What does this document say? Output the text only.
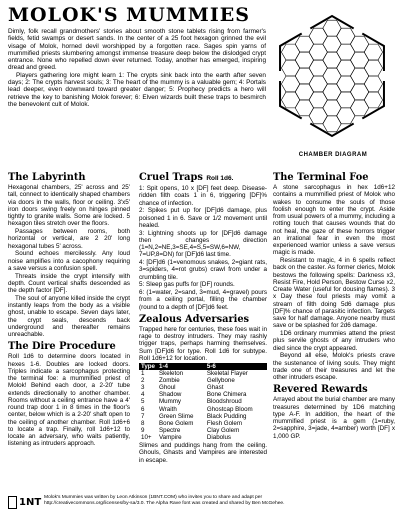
MOLOK'S MUMMIES

Dimly, folk recall grandmothers' stories about smooth stone tablets rising from farmer's fields, fetid swamps or desert sands. In the center of a 25 foot hexagon grinned the evil visage of Molok, horned devil worshipped by a forgotten race. Sages spin yarns of mummified priests slumbering amongst immense treasure deep below the dislodged crypt entrance. None who repelled down ever returned. Today, another has emerged, inspiring dread and greed.

Players gathering lore might learn 1: The crypts sink back into the earth after seven days; 2: The crypts harvest souls; 3: The heart of the mummy is a valuable gem; 4: Portals lead deeper, even downward toward greater danger; 5: Prophecy predicts a hero will retrieve the key to banishing Molok forever; 6: Elven wizards built these traps to besmirch the benevolent cult of Molok.

CHAMBER DIAGRAM
The Labyrinth

Hexagonal chambers, 25' across and 25' tall, connect to identically shaped chambers via doors in the walls, floor or ceiling. 3'x5' iron doors swing freely on hinges pinned tightly to granite walls. Some are locked. 5 hexagon tiles stretch over the floors.

Passages between rooms, both horizontal or vertical, are 2 20' long hexagonal tubes 5' across.

Sound echoes mercilessly. Any loud noise amplifies into a cacophony requiring a save versus a confusion spell.

Threats inside the crypt intensify with depth. Count vertical shafts descended as the depth factor [DF].

The soul of anyone killed inside the crypt instantly leaps from the body as a visible ghost, unable to escape. Seven days later, the crypt seals, descends back underground and thereafter remains unreachable.

The Dire Procedure

Roll 1d6 to determine doors located in hexes 1-6. Doubles are locked doors. Triples indicate a sarcophagus protecting the terminal foe: a mummified priest of Molok! Behind each door, a 2-20' tube extends directionally to another chamber. Rooms without a ceiling entrance have a 4' round trap door 1 in 8 times in the floor's center, below which is a 2-20' shaft open to the ceiling of another chamber. Roll 1d6+6 to locate a trap. Finally, roll 1d6+12 to locate an adversary, who waits patiently, listening as intruders approach.

Cruel Traps Roll 1d6.

1: Spit opens, 10 x [DF] feet deep. Disease-ridden filth coats 1 in 6, triggering [DF]% chance of infection.

2: Spikes put up for [DF]d6 damage, plus poisoned 1 in 6. Save or 1/2 movement until healed.

3: Lightning shoots up for [DF]d6 damage then changes direction (1=N,2=NE,3=SE,4=S,5=SW,6=NW, 7=UP,8=DN) for [DF]d6 last time.

4: [DF]d6 (1=venomous snakes, 2=giant rats, 3=spiders, 4=rot grubs) crawl from under a crumbling tile.

5: Sleep gas puffs for [DF] rounds.

6: (1=water, 2=sand, 3=mud, 4=gravel) pours from a ceiling portal, filling the chamber (round to a depth of [DF]d6 feet.

Zealous Adversaries

Trapped here for centuries, these foes wait in rage to destroy intruders. They may rashly trigger traps, perhaps harming themselves. Sum [DF]d6 for type. Roll 1d6 for subtype. Roll 1d6+12 for location.

Type	1-4	5-6
1	Skeleton	Skeletal Flayer
2	Zombie	Gellybone
3	Ghoul	Ghast
4	Shadow	Bone Chimera
5	Mummy	Bloodshroud
6	Wraith	Ghostcap Bloom
7	Green Slime	Black Pudding
8	Bone Golem	Flesh Golem
9	Spectre	Clay Golem
10+	Vampire	Diabolus

Slimes and puddings hang from the ceiling. Ghouls, Ghasts and Vampires are interested in escape.

The Terminal Foe

A stone sarcophagus in hex 1d6+12 contains a mummified priest of Molok who wakes to consume the souls of those foolish enough to enter the crypt. Aside from usual powers of a mummy, including a rotting touch that causes wounds that do not heal, the gaze of these horrors trigger an irrational fear in even the most experienced warrior unless a save versus magic is made.

Resistant to magic, 4 in 6 spells reflect back on the caster. As former clerics, Molok bestows the following spells: Darkness x3, Resist Fire, Hold Person, Bestow Curse x2, Create Water (useful for dousing flames). 3 x Day these foul priests may vomit a stream of filth doing 5d6 damage plus [DF]% chance of parasitic infection. Targets save for half damage. Anyone nearby must save or be splashed for 2d6 damage.

1D6 ordinary mummies attend the priest plus servile ghosts of any intruders who died since the crypt appeared.

Beyond all else, Molok's priests crave the sustenance of living souls. They might trade one of their treasures and let the other intruders escape.

Revered Rewards

Arrayed about the burial chamber are many treasures determined by 1D6 matching type A-F. In addition, the heart of the mummified priest is a gem (1=ruby, 2=sapphire, 3=jade, 4=amber) worth [DF] x 1,000 GP.

1NT Molok's Mummies was written by Leon Atkinson (1BNT.COM) who invites you to share and adapt per
http://creativecommons.org/licenses/by-sa/3.0. The Alpha Rave font was created and shared by Ben McGehee.
